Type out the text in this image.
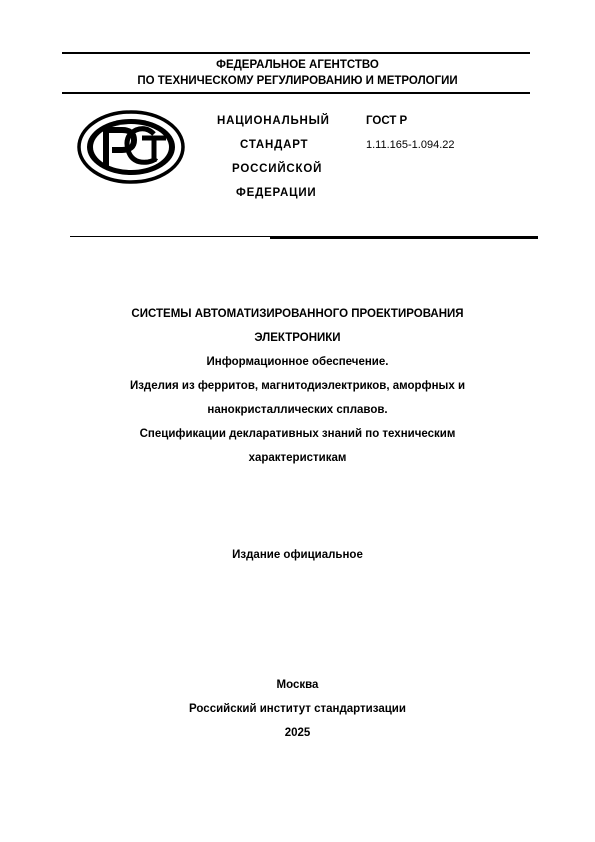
ФЕДЕРАЛЬНОЕ АГЕНТСТВО
ПО ТЕХНИЧЕСКОМУ РЕГУЛИРОВАНИЮ И МЕТРОЛОГИИ
НАЦИОНАЛЬНЫЙ
СТАНДАРТ
РОССИЙСКОЙ
ФЕДЕРАЦИИ
ГОСТ Р
1.11.165-1.094.22
СИСТЕМЫ АВТОМАТИЗИРОВАННОГО ПРОЕКТИРОВАНИЯ
ЭЛЕКТРОНИКИ
Информационное обеспечение.
Изделия из ферритов, магнитодиэлектриков, аморфных и
нанокристаллических сплавов.
Спецификации декларативных знаний по техническим
характеристикам
Издание официальное
Москва
Российский институт стандартизации
2025
